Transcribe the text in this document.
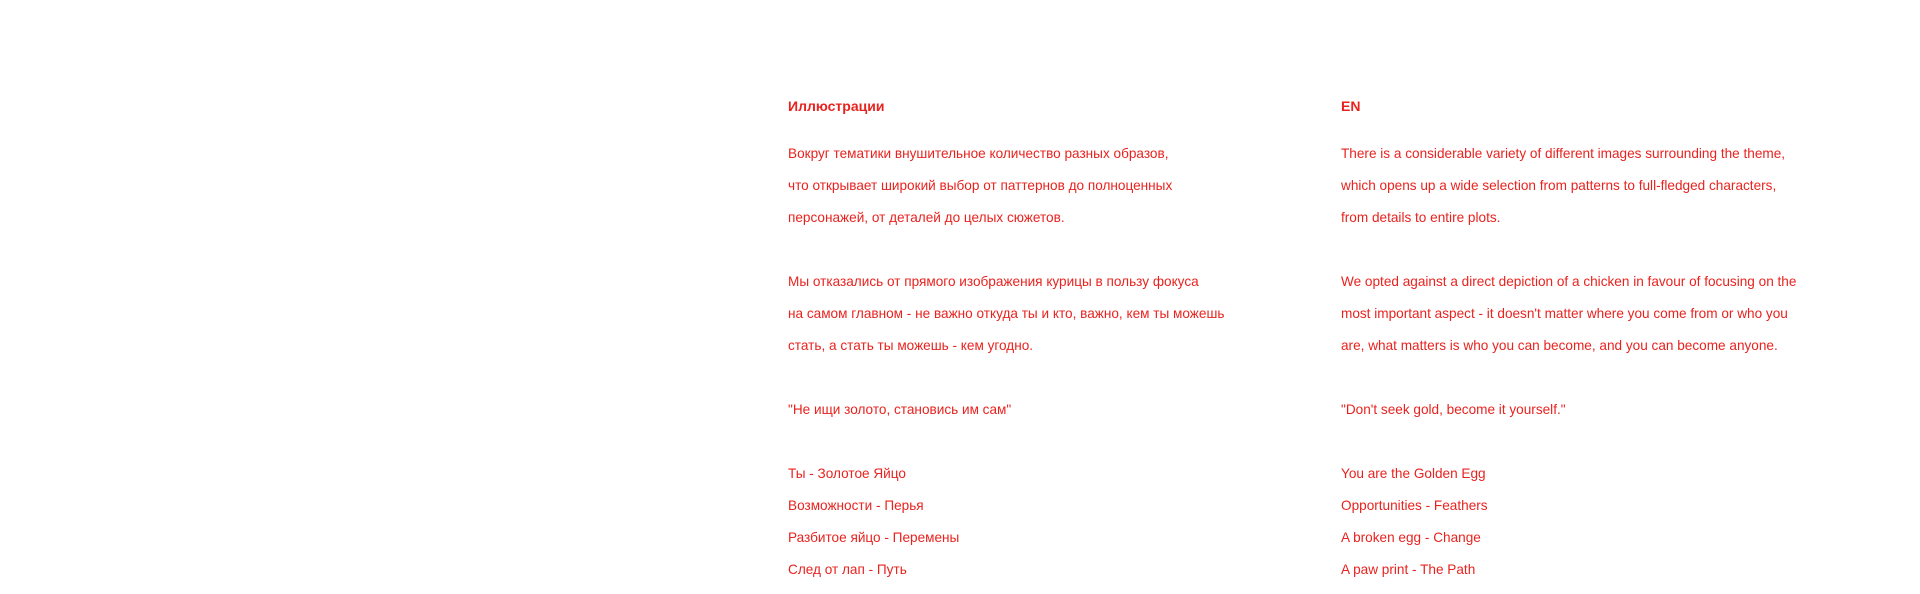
Иллюстрации

Вокруг тематики внушительное количество разных образов,

что открывает широкий выбор от паттернов до полноценных

персонажей, от деталей до целых сюжетов.

Мы отказались от прямого изображения курицы в пользу фокуса

на самом главном - не важно откуда ты и кто, важно, кем ты можешь

стать, а стать ты можешь - кем угодно.

"Не ищи золото, становись им сам"

Ты - Золотое Яйцо

Возможности - Перья

Разбитое яйцо - Перемены

След от лап - Путь

EN

There is a considerable variety of different images surrounding the theme,

which opens up a wide selection from patterns to full-fledged characters,

from details to entire plots.

We opted against a direct depiction of a chicken in favour of focusing on the

most important aspect - it doesn't matter where you come from or who you

are, what matters is who you can become, and you can become anyone.

"Don't seek gold, become it yourself."

You are the Golden Egg

Opportunities - Feathers

A broken egg - Change

A paw print - The Path
